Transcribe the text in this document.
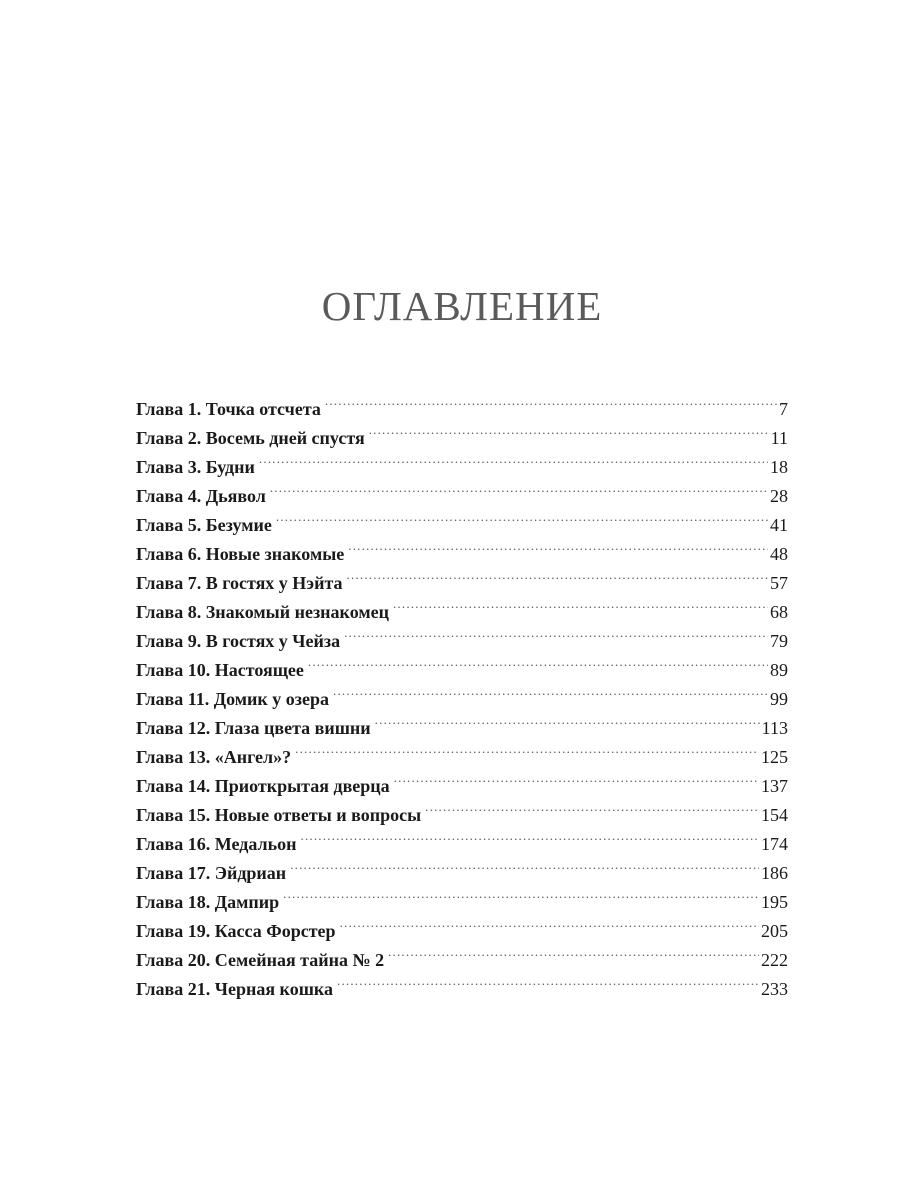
ОГЛАВЛЕНИЕ
Глава 1. Точка отсчета .....	7
Глава 2. Восемь дней спустя .....	11
Глава 3. Будни .....	18
Глава 4. Дьявол .....	28
Глава 5. Безумие .....	41
Глава 6. Новые знакомые .....	48
Глава 7. В гостях у Нэйта .....	57
Глава 8. Знакомый незнакомец .....	68
Глава 9. В гостях у Чейза .....	79
Глава 10. Настоящее .....	89
Глава 11. Домик у озера .....	99
Глава 12. Глаза цвета вишни .....	113
Глава 13. «Ангел»? .....	125
Глава 14. Приоткрытая дверца .....	137
Глава 15. Новые ответы и вопросы .....	154
Глава 16. Медальон .....	174
Глава 17. Эйдриан .....	186
Глава 18. Дампир .....	195
Глава 19. Касса Форстер .....	205
Глава 20. Семейная тайна № 2 .....	222
Глава 21. Черная кошка .....	233
